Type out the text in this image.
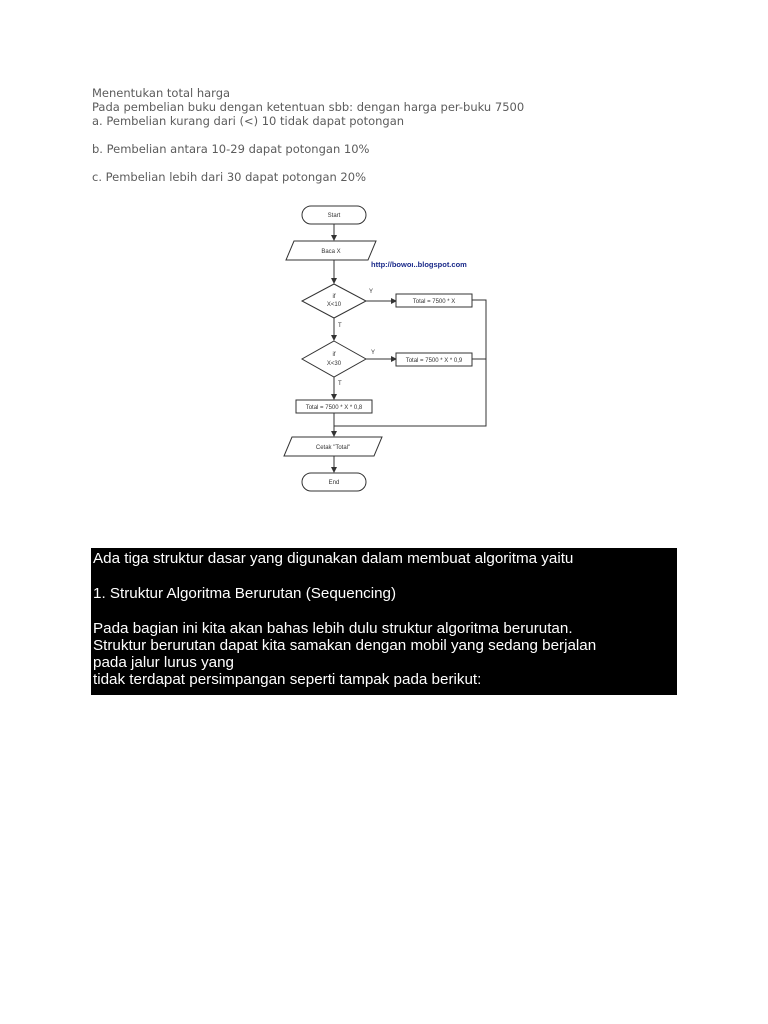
Menentukan total harga
Pada pembelian buku dengan ketentuan sbb: dengan harga per-buku 7500
a. Pembelian kurang dari (<) 10 tidak dapat potongan
b. Pembelian antara 10-29 dapat potongan 10%
c. Pembelian lebih dari 30 dapat potongan 20%
Start
Baca X
if
X<10	Total = 7500 * X
if
X<30	Total = 7500 * X * 0,9
Total = 7500 * X * 0,8
Cetak "Total"
End
Y
T
Y
T
http://bowoı..blogspot.com
Ada tiga struktur dasar yang digunakan dalam membuat algoritma yaitu
1. Struktur Algoritma Berurutan (Sequencing)
Pada bagian ini kita akan bahas lebih dulu struktur algoritma berurutan.
Struktur berurutan dapat kita samakan dengan mobil yang sedang berjalan
pada jalur lurus yang
tidak terdapat persimpangan seperti tampak pada berikut:
